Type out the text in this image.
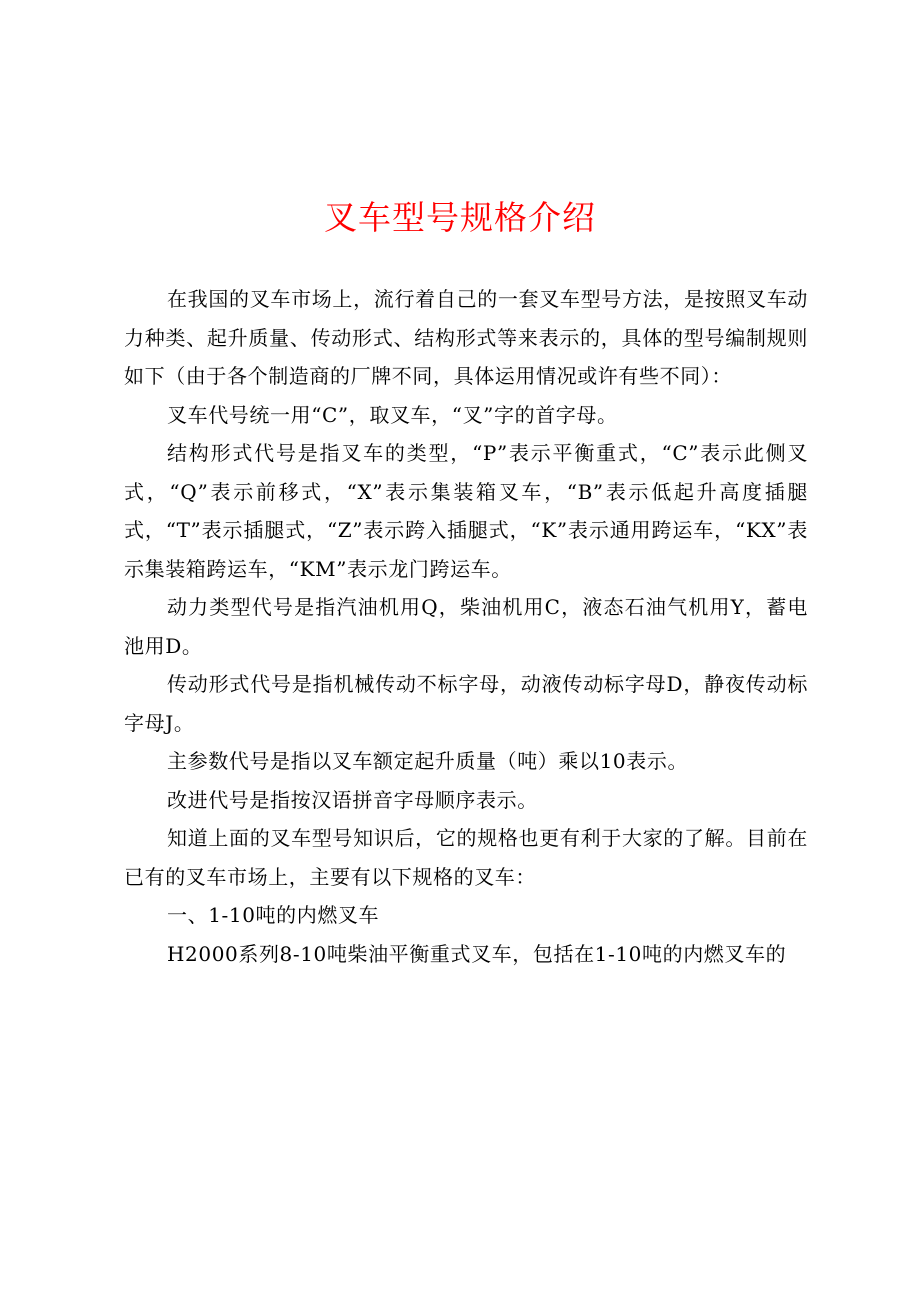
叉车型号规格介绍

在我国的叉车市场上，流行着自己的一套叉车型号方法，是按照叉车动力种类、起升质量、传动形式、结构形式等来表示的，具体的型号编制规则如下（由于各个制造商的厂牌不同，具体运用情况或许有些不同）：

叉车代号统一用“C”，取叉车，“叉”字的首字母。

结构形式代号是指叉车的类型，“P”表示平衡重式，“C”表示此侧叉式，“Q”表示前移式，“X”表示集装箱叉车，“B”表示低起升高度插腿式，“T”表示插腿式，“Z”表示跨入插腿式，“K”表示通用跨运车，“KX”表示集装箱跨运车，“KM”表示龙门跨运车。

动力类型代号是指汽油机用Q，柴油机用C，液态石油气机用Y，蓄电池用D。

传动形式代号是指机械传动不标字母，动液传动标字母D，静夜传动标字母J。

主参数代号是指以叉车额定起升质量（吨）乘以10表示。

改进代号是指按汉语拼音字母顺序表示。

知道上面的叉车型号知识后，它的规格也更有利于大家的了解。目前在已有的叉车市场上，主要有以下规格的叉车：

一、1-10吨的内燃叉车

H2000系列8-10吨柴油平衡重式叉车，包括在1-10吨的内燃叉车的
